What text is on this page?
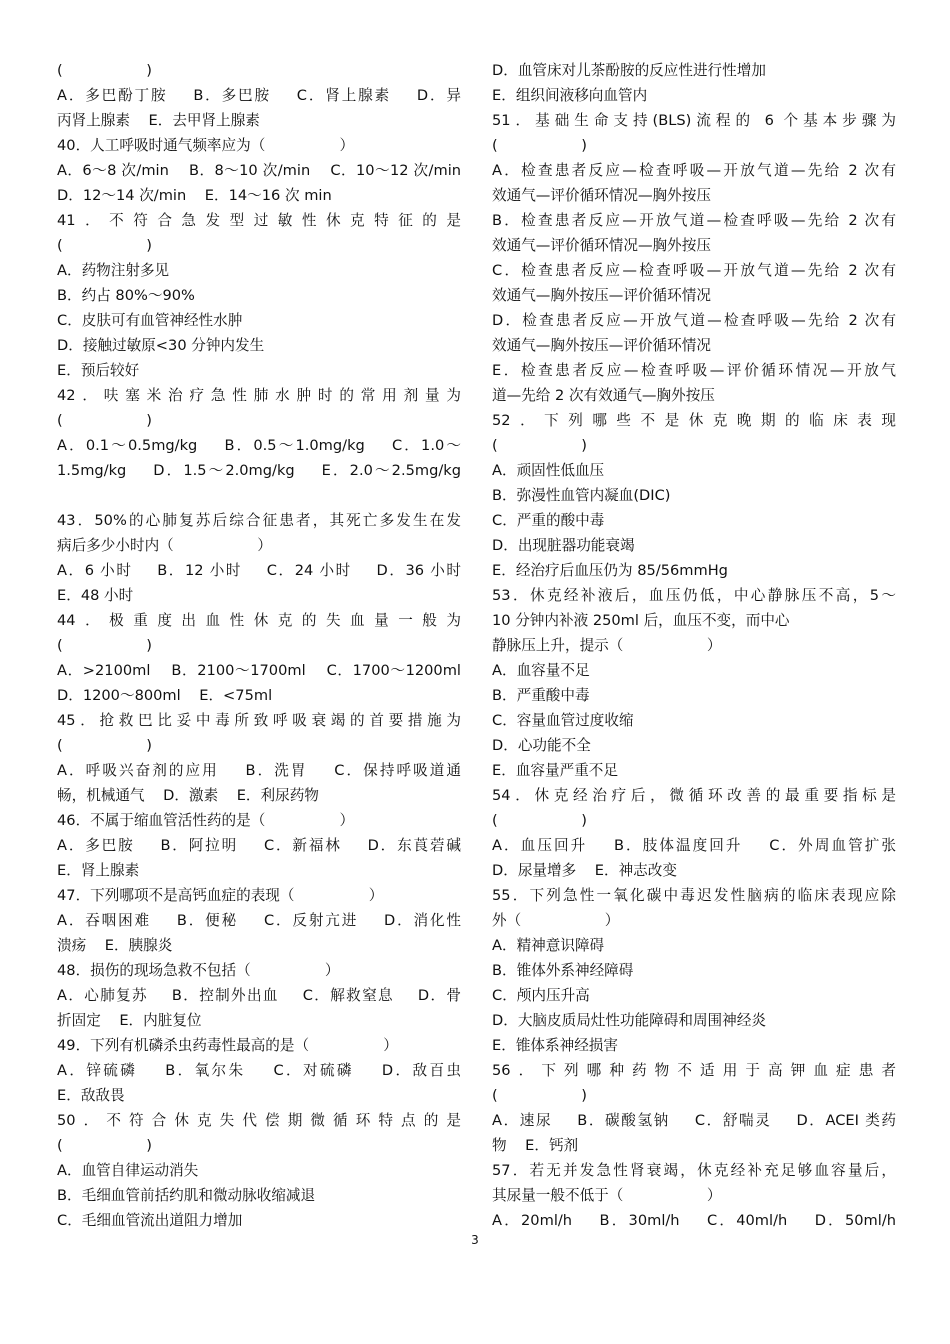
(                  )
A．多巴酚丁胺    B．多巴胺    C．肾上腺素    D．异
丙肾上腺素    E．去甲肾上腺素
40．人工呼吸时通气频率应为（                ）
A．6～8 次/min    B．8～10 次/min    C．10～12 次/min
D．12～14 次/min    E．14～16 次 min
41．不符合急发型过敏性休克特征的是
(                  )
A．药物注射多见
B．约占 80%～90%
C．皮肤可有血管神经性水肿
D．接触过敏原<30 分钟内发生
E．预后较好
42．呋塞米治疗急性肺水肿时的常用剂量为
(                  )
A．0.1～0.5mg/kg    B．0.5～1.0mg/kg    C．1.0～
1.5mg/kg    D．1.5～2.0mg/kg    E．2.0～2.5mg/kg
43．50%的心肺复苏后综合征患者，其死亡多发生在发
病后多少小时内（                  ）
A．6 小时    B．12 小时    C．24 小时    D．36 小时
E．48 小时
44．极重度出血性休克的失血量一般为
(                  )
A．>2100ml    B．2100～1700ml    C．1700～1200ml
D．1200～800ml    E．<75ml
45．抢救巴比妥中毒所致呼吸衰竭的首要措施为
(                  )
A．呼吸兴奋剂的应用    B．洗胃    C．保持呼吸道通
畅，机械通气    D．激素    E．利尿药物
46．不属于缩血管活性药的是（                ）
A．多巴胺    B．阿拉明    C．新福林    D．东莨菪碱
E．肾上腺素
47．下列哪项不是高钙血症的表现（                ）
A．吞咽困难    B．便秘    C．反射亢进    D．消化性
溃疡    E．胰腺炎
48．损伤的现场急救不包括（                ）
A．心肺复苏    B．控制外出血    C．解救窒息    D．骨
折固定    E．内脏复位
49．下列有机磷杀虫药毒性最高的是（                ）
A．锌硫磷    B．氧尔朱    C．对硫磷    D．敌百虫
E．敌敌畏
50．不符合休克失代偿期微循环特点的是
(                  )
A．血管自律运动消失
B．毛细血管前括约肌和微动脉收缩减退
C．毛细血管流出道阻力增加
D．血管床对儿茶酚胺的反应性进行性增加
E．组织间液移向血管内
51．基础生命支持(BLS)流程的 6 个基本步骤为
(                  )
A．检查患者反应—检查呼吸—开放气道—先给 2 次有
效通气—评价循环情况—胸外按压
B．检查患者反应—开放气道—检查呼吸—先给 2 次有
效通气—评价循环情况—胸外按压
C．检查患者反应—检查呼吸—开放气道—先给 2 次有
效通气—胸外按压—评价循环情况
D．检查患者反应—开放气道—检查呼吸—先给 2 次有
效通气—胸外按压—评价循环情况
E．检查患者反应—检查呼吸—评价循环情况—开放气
道—先给 2 次有效通气—胸外按压
52．下列哪些不是休克晚期的临床表现
(                  )
A．顽固性低血压
B．弥漫性血管内凝血(DIC)
C．严重的酸中毒
D．出现脏器功能衰竭
E．经治疗后血压仍为 85/56mmHg
53．休克经补液后，血压仍低，中心静脉压不高，5～
10 分钟内补液 250ml 后，血压不变，而中心
静脉压上升，提示（                  ）
A．血容量不足
B．严重酸中毒
C．容量血管过度收缩
D．心功能不全
E．血容量严重不足
54．休克经治疗后，微循环改善的最重要指标是
(                  )
A．血压回升    B．肢体温度回升    C．外周血管扩张
D．尿量增多    E．神志改变
55．下列急性一氧化碳中毒迟发性脑病的临床表现应除
外（                  ）
A．精神意识障碍
B．锥体外系神经障碍
C．颅内压升高
D．大脑皮质局灶性功能障碍和周围神经炎
E．锥体系神经损害
56．下列哪种药物不适用于高钾血症患者
(                  )
A．速尿    B．碳酸氢钠    C．舒喘灵    D．ACEI 类药
物    E．钙剂
57．若无并发急性肾衰竭，休克经补充足够血容量后，
其尿量一般不低于（                  ）
A．20ml/h    B．30ml/h    C．40ml/h    D．50ml/h
3
